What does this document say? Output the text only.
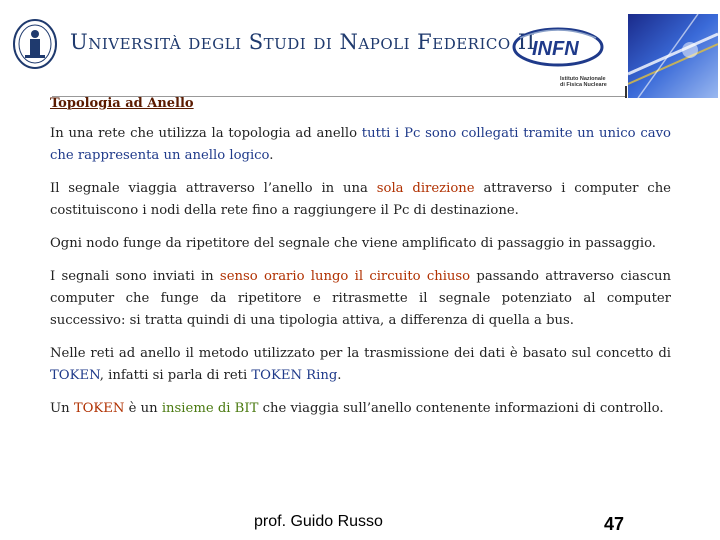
Università degli Studi di Napoli Federico II
INFN
Istituto Nazionale
di Fisica Nucleare
Topologia ad Anello

In una rete che utilizza la topologia ad anello tutti i Pc sono collegati tramite un unico cavo che rappresenta un anello logico.

Il segnale viaggia attraverso l’anello in una sola direzione attraverso i computer che costituiscono i nodi della rete fino a raggiungere il Pc di destinazione.

Ogni nodo funge da ripetitore del segnale che viene amplificato di passaggio in passaggio.

I segnali sono inviati in senso orario lungo il circuito chiuso passando attraverso ciascun computer che funge da ripetitore e ritrasmette il segnale potenziato al computer successivo: si tratta quindi di una tipologia attiva, a differenza di quella a bus.

Nelle reti ad anello il metodo utilizzato per la trasmissione dei dati è basato sul concetto di TOKEN, infatti si parla di reti TOKEN Ring.

Un TOKEN è un insieme di BIT che viaggia sull’anello contenente informazioni di controllo.

prof. Guido Russo	47
